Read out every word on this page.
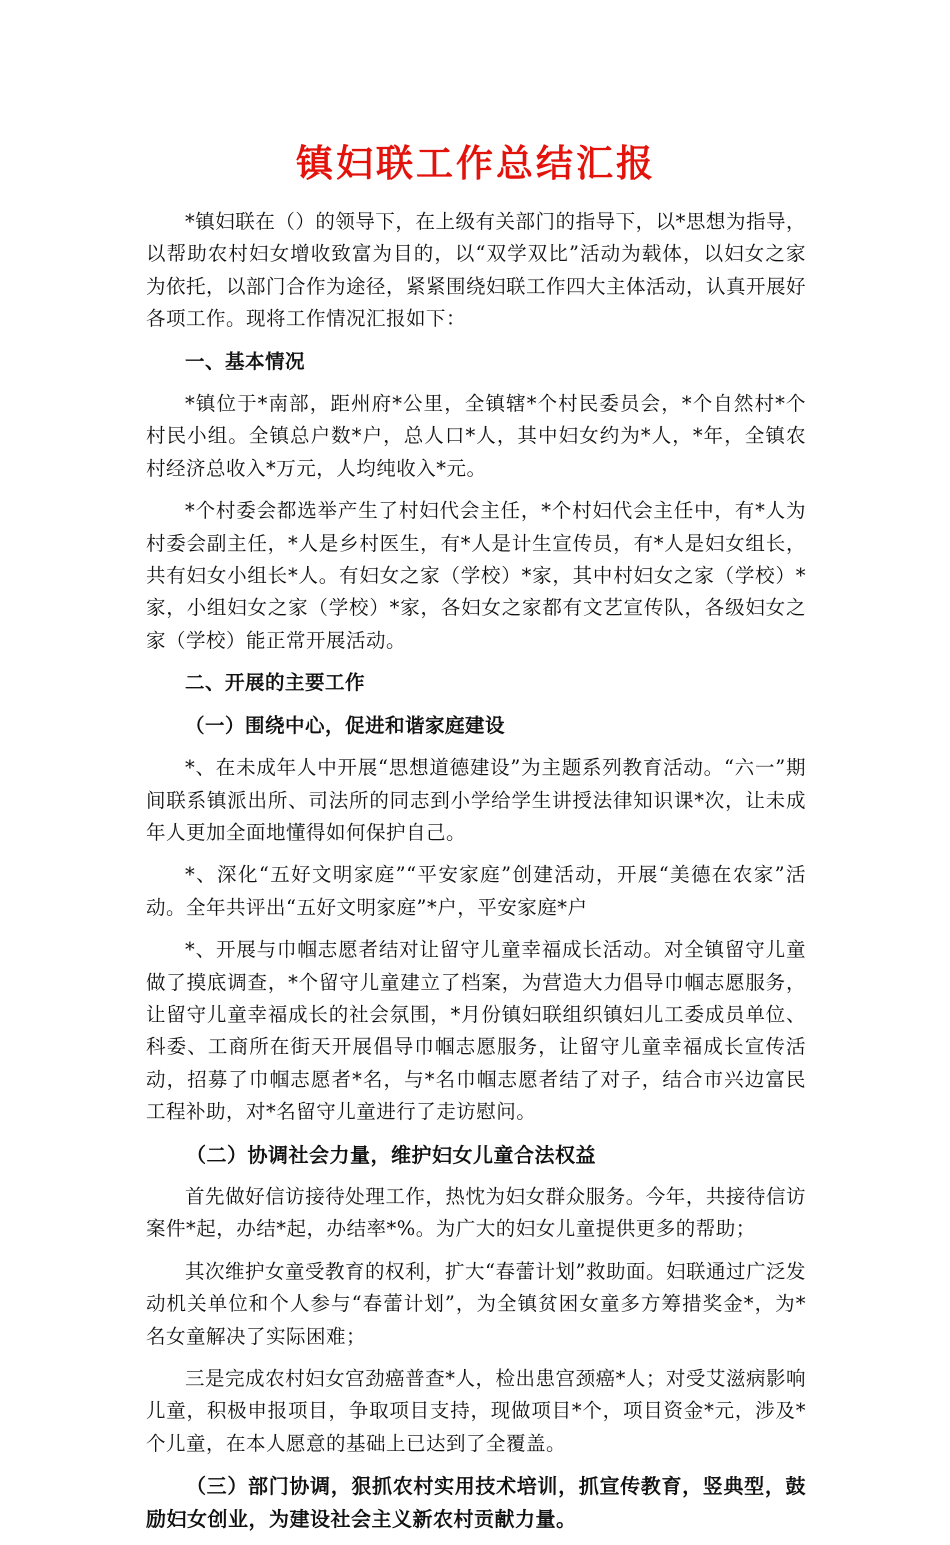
镇妇联工作总结汇报

*镇妇联在（）的领导下，在上级有关部门的指导下，以*思想为指导，以帮助农村妇女增收致富为目的，以“双学双比”活动为载体，以妇女之家为依托，以部门合作为途径，紧紧围绕妇联工作四大主体活动，认真开展好各项工作。现将工作情况汇报如下：

一、基本情况

*镇位于*南部，距州府*公里，全镇辖*个村民委员会，*个自然村*个村民小组。全镇总户数*户，总人口*人，其中妇女约为*人，*年，全镇农村经济总收入*万元，人均纯收入*元。

*个村委会都选举产生了村妇代会主任，*个村妇代会主任中，有*人为村委会副主任，*人是乡村医生，有*人是计生宣传员，有*人是妇女组长，共有妇女小组长*人。有妇女之家（学校）*家，其中村妇女之家（学校）*家，小组妇女之家（学校）*家，各妇女之家都有文艺宣传队，各级妇女之家（学校）能正常开展活动。

二、开展的主要工作

（一）围绕中心，促进和谐家庭建设

*、在未成年人中开展“思想道德建设”为主题系列教育活动。“六一”期间联系镇派出所、司法所的同志到小学给学生讲授法律知识课*次，让未成年人更加全面地懂得如何保护自己。

*、深化“五好文明家庭”“平安家庭”创建活动，开展“美德在农家”活动。全年共评出“五好文明家庭”*户，平安家庭*户

*、开展与巾帼志愿者结对让留守儿童幸福成长活动。对全镇留守儿童做了摸底调查，*个留守儿童建立了档案，为营造大力倡导巾帼志愿服务，让留守儿童幸福成长的社会氛围，*月份镇妇联组织镇妇儿工委成员单位、科委、工商所在街天开展倡导巾帼志愿服务，让留守儿童幸福成长宣传活动，招募了巾帼志愿者*名，与*名巾帼志愿者结了对子，结合市兴边富民工程补助，对*名留守儿童进行了走访慰问。

（二）协调社会力量，维护妇女儿童合法权益

首先做好信访接待处理工作，热忱为妇女群众服务。今年，共接待信访案件*起，办结*起，办结率*%。为广大的妇女儿童提供更多的帮助；

其次维护女童受教育的权利，扩大“春蕾计划”救助面。妇联通过广泛发动机关单位和个人参与“春蕾计划”，为全镇贫困女童多方筹措奖金*，为*名女童解决了实际困难；

三是完成农村妇女宫劲癌普查*人，检出患宫颈癌*人；对受艾滋病影响儿童，积极申报项目，争取项目支持，现做项目*个，项目资金*元，涉及*个儿童，在本人愿意的基础上已达到了全覆盖。

（三）部门协调，狠抓农村实用技术培训，抓宣传教育，竖典型，鼓励妇女创业，为建设社会主义新农村贡献力量。
